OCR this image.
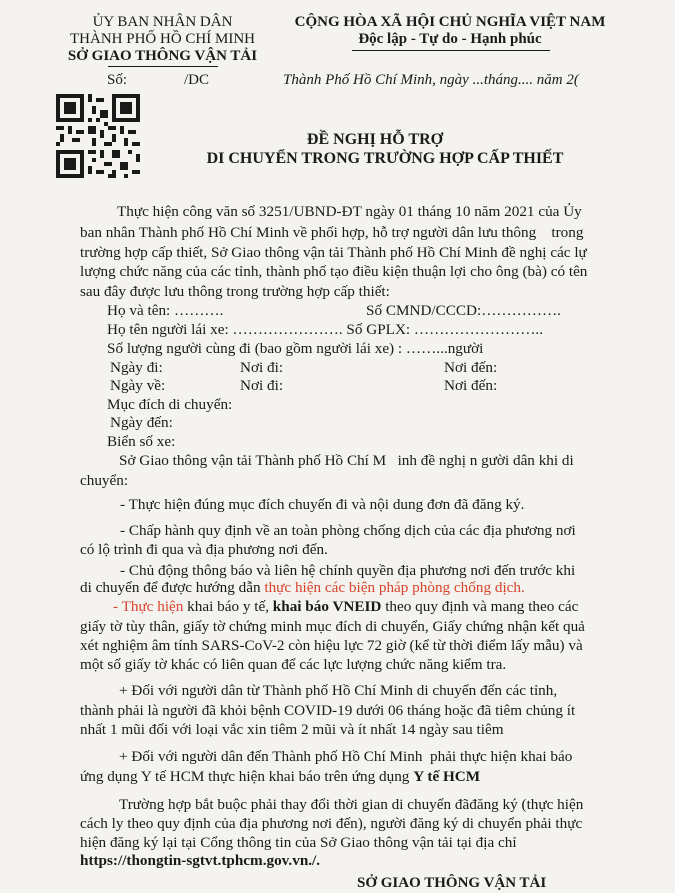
ỦY BAN NHÂN DÂN
THÀNH PHỐ HỒ CHÍ MINH
SỞ GIAO THÔNG VẬN TẢI
CỘNG HÒA XÃ HỘI CHỦ NGHĨA VIỆT NAM
Độc lập - Tự do - Hạnh phúc
Số:	/DC	Thành Phố Hồ Chí Minh, ngày ...tháng.... năm 2(
ĐỀ NGHỊ HỖ TRỢ
DI CHUYỂN TRONG TRƯỜNG HỢP CẤP THIẾT
Thực hiện công văn số 3251/UBND-ĐT ngày 01 tháng 10 năm 2021 của Ủy
ban nhân Thành phố Hồ Chí Minh về phối hợp, hỗ trợ người dân lưu thông    trong
trường hợp cấp thiết, Sở Giao thông vận tải Thành phố Hồ Chí Minh đề nghị các lự
lượng chức năng của các tỉnh, thành phố tạo điều kiện thuận lợi cho ông (bà) có tên
sau đây được lưu thông trong trường hợp cấp thiết:
Họ và tên: ……….	Số CMND/CCCD:…………….
Họ tên người lái xe: …………………. Số GPLX: ……………………..
Số lượng người cùng đi (bao gồm người lái xe) : ……...người
Ngày đi:	Nơi đi:	Nơi đến:
Ngày về:	Nơi đi:	Nơi đến:
Mục đích di chuyển:
Ngày đến:
Biển số xe:
Sở Giao thông vận tải Thành phố Hồ Chí M   inh đề nghị n gười dân khi di
chuyển:
- Thực hiện đúng mục đích chuyến đi và nội dung đơn đã đăng ký.
- Chấp hành quy định về an toàn phòng chống dịch của các địa phương nơi
có lộ trình đi qua và địa phương nơi đến.
- Chủ động thông báo và liên hệ chính quyền địa phương nơi đến trước khi
di chuyển để được hướng dẫn thực hiện các biện pháp phòng chống dịch.
- Thực hiện khai báo y tế, khai báo VNEID theo quy định và mang theo các
giấy tờ tùy thân, giấy tờ chứng minh mục đích di chuyển, Giấy chứng nhận kết quả
xét nghiệm âm tính SARS-CoV-2 còn hiệu lực 72 giờ (kể từ thời điểm lấy mẫu) và
một số giấy tờ khác có liên quan để các lực lượng chức năng kiểm tra.
+ Đối với người dân từ Thành phố Hồ Chí Minh di chuyển đến các tỉnh,
thành phải là người đã khỏi bệnh COVID-19 dưới 06 tháng hoặc đã tiêm chủng ít
nhất 1 mũi đối với loại vắc xin tiêm 2 mũi và ít nhất 14 ngày sau tiêm
+ Đối với người dân đến Thành phố Hồ Chí Minh  phải thực hiện khai báo
ứng dụng Y tế HCM thực hiện khai báo trên ứng dụng Y tế HCM
Trường hợp bắt buộc phải thay đổi thời gian di chuyển đãđăng ký (thực hiện
cách ly theo quy định của địa phương nơi đến), người đăng ký di chuyển phải thực
hiện đăng ký lại tại Cổng thông tin của Sở Giao thông vận tải tại địa chỉ
https://thongtin-sgtvt.tphcm.gov.vn./.
SỞ GIAO THÔNG VẬN TẢI
